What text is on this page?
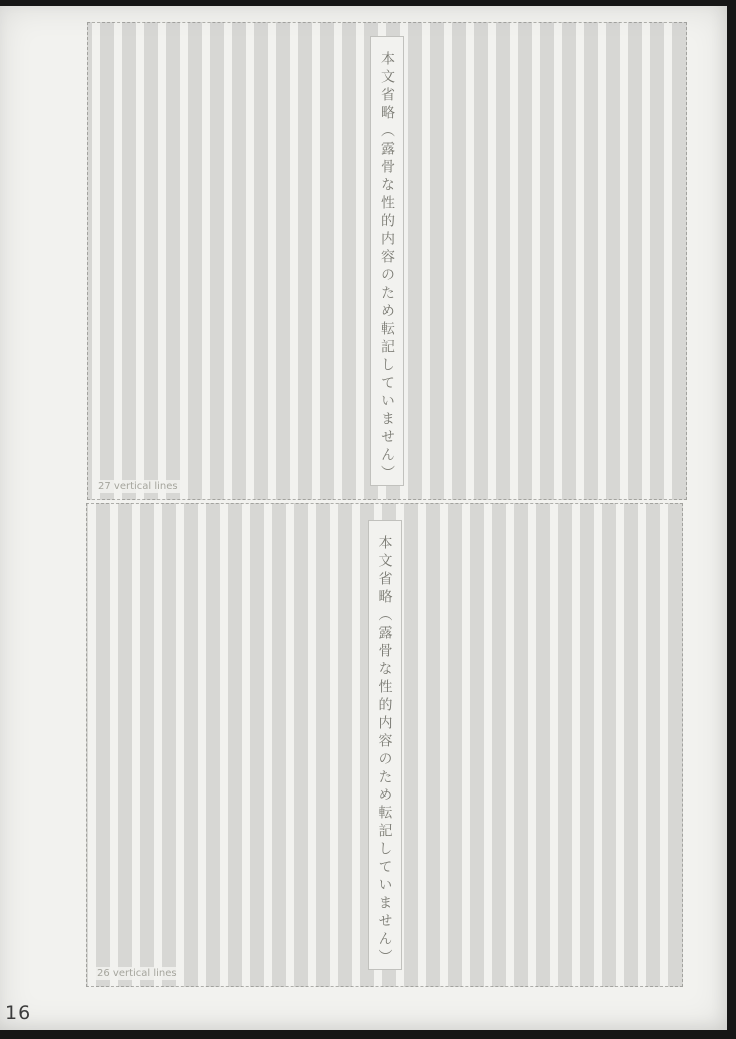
本文省略（露骨な性的内容のため転記していません）
27 vertical lines
本文省略（露骨な性的内容のため転記していません）
26 vertical lines
16
